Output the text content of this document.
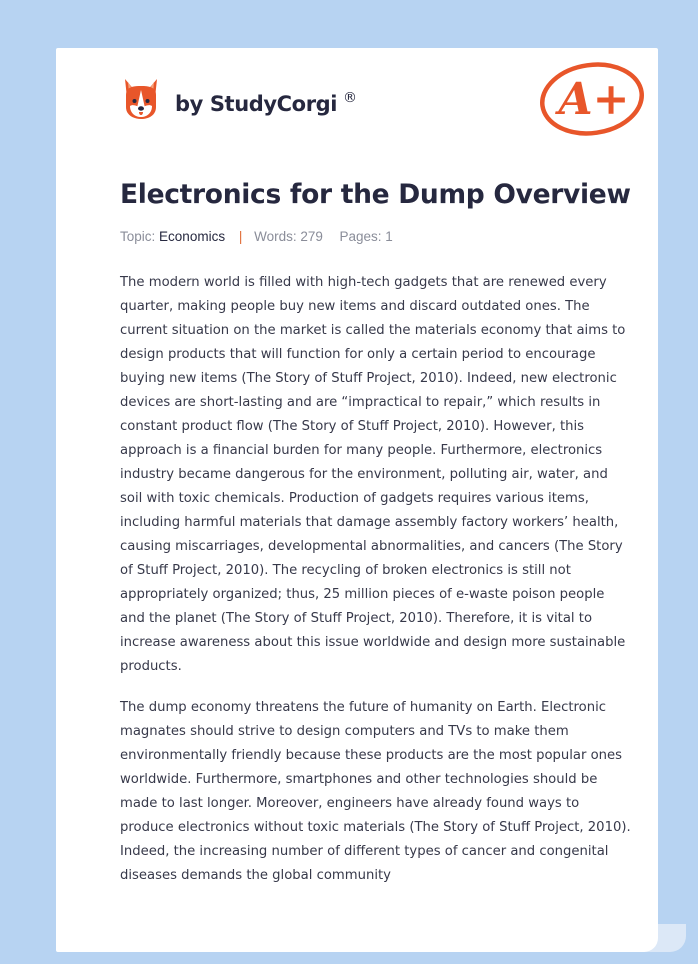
by StudyCorgi ®	A+
Electronics for the Dump Overview
Topic: Economics | Words: 279 Pages: 1

The modern world is filled with high-tech gadgets that are renewed every quarter, making people buy new items and discard outdated ones. The current situation on the market is called the materials economy that aims to design products that will function for only a certain period to encourage buying new items (The Story of Stuff Project, 2010). Indeed, new electronic devices are short-lasting and are “impractical to repair,” which results in constant product flow (The Story of Stuff Project, 2010). However, this approach is a financial burden for many people. Furthermore, electronics industry became dangerous for the environment, polluting air, water, and soil with toxic chemicals. Production of gadgets requires various items, including harmful materials that damage assembly factory workers’ health, causing miscarriages, developmental abnormalities, and cancers (The Story of Stuff Project, 2010). The recycling of broken electronics is still not appropriately organized; thus, 25 million pieces of e-waste poison people and the planet (The Story of Stuff Project, 2010). Therefore, it is vital to increase awareness about this issue worldwide and design more sustainable products.

The dump economy threatens the future of humanity on Earth. Electronic magnates should strive to design computers and TVs to make them environmentally friendly because these products are the most popular ones worldwide. Furthermore, smartphones and other technologies should be made to last longer. Moreover, engineers have already found ways to produce electronics without toxic materials (The Story of Stuff Project, 2010). Indeed, the increasing number of different types of cancer and congenital diseases demands the global community
